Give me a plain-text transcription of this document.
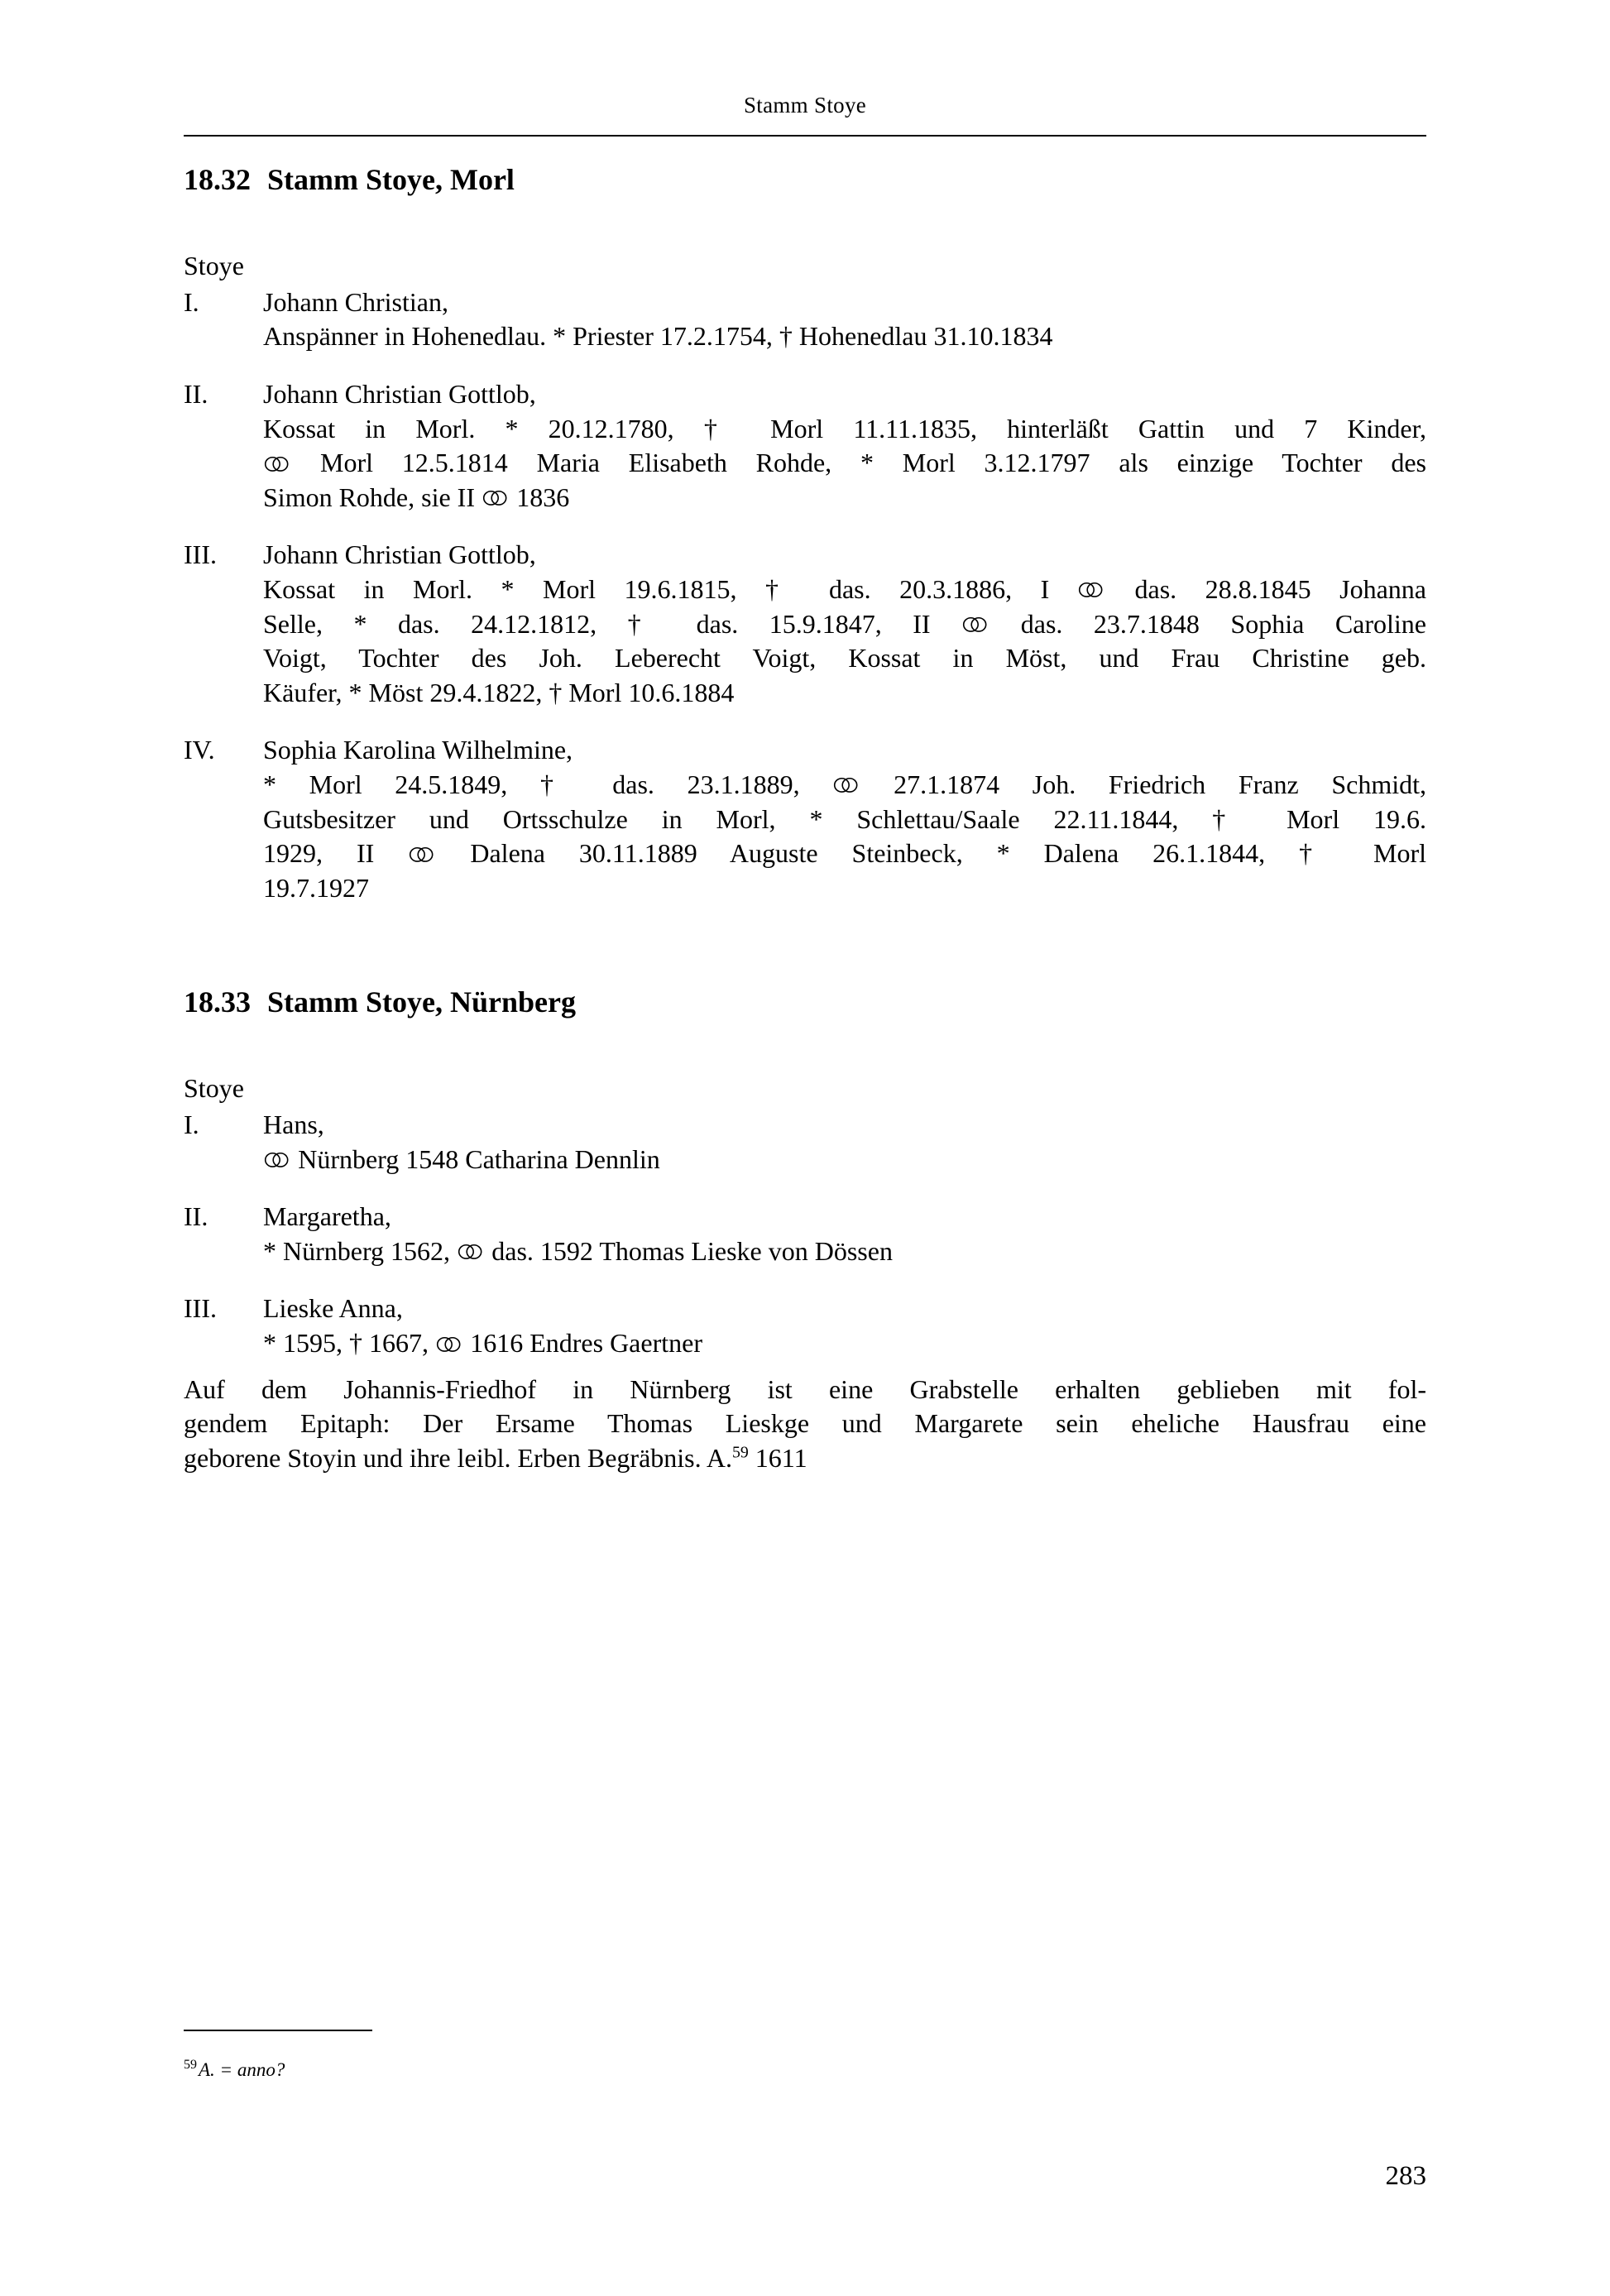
Stamm Stoye
18.32 Stamm Stoye, Morl
Stoye
I.	Johann Christian,
Anspänner in Hohenedlau. * Priester 17.2.1754, † Hohenedlau 31.10.1834
II.	Johann Christian Gottlob,
Kossat in Morl. * 20.12.1780, † Morl 11.11.1835, hinterläßt Gattin und 7 Kinder,
Morl 12.5.1814 Maria Elisabeth Rohde, * Morl 3.12.1797 als einzige Tochter des
Simon Rohde, sie II
1836
III.	Johann Christian Gottlob,
Kossat in Morl. * Morl 19.6.1815, † das. 20.3.1886, I
das. 28.8.1845 Johanna
Selle, * das. 24.12.1812, † das. 15.9.1847, II
das. 23.7.1848 Sophia Caroline
Voigt, Tochter des Joh. Leberecht Voigt, Kossat in Möst, und Frau Christine geb.
Käufer, * Möst 29.4.1822, † Morl 10.6.1884
IV.	Sophia Karolina Wilhelmine,
* Morl 24.5.1849, † das. 23.1.1889,
27.1.1874 Joh. Friedrich Franz Schmidt,
Gutsbesitzer und Ortsschulze in Morl, * Schlettau/Saale 22.11.1844, † Morl 19.6.
1929, II
Dalena 30.11.1889 Auguste Steinbeck, * Dalena 26.1.1844, † Morl
19.7.1927
18.33 Stamm Stoye, Nürnberg
Stoye
I.	Hans,
Nürnberg 1548 Catharina Dennlin
II.	Margaretha,
* Nürnberg 1562,
das. 1592 Thomas Lieske von Dössen
III.	Lieske Anna,
* 1595, † 1667,
1616 Endres Gaertner
Auf dem Johannis-Friedhof in Nürnberg ist eine Grabstelle erhalten geblieben mit fol-
gendem Epitaph: Der Ersame Thomas Lieskge und Margarete sein eheliche Hausfrau eine
geborene Stoyin und ihre leibl. Erben Begräbnis. A.$^{59}$ 1611
$^{59}$A. = anno?
283
